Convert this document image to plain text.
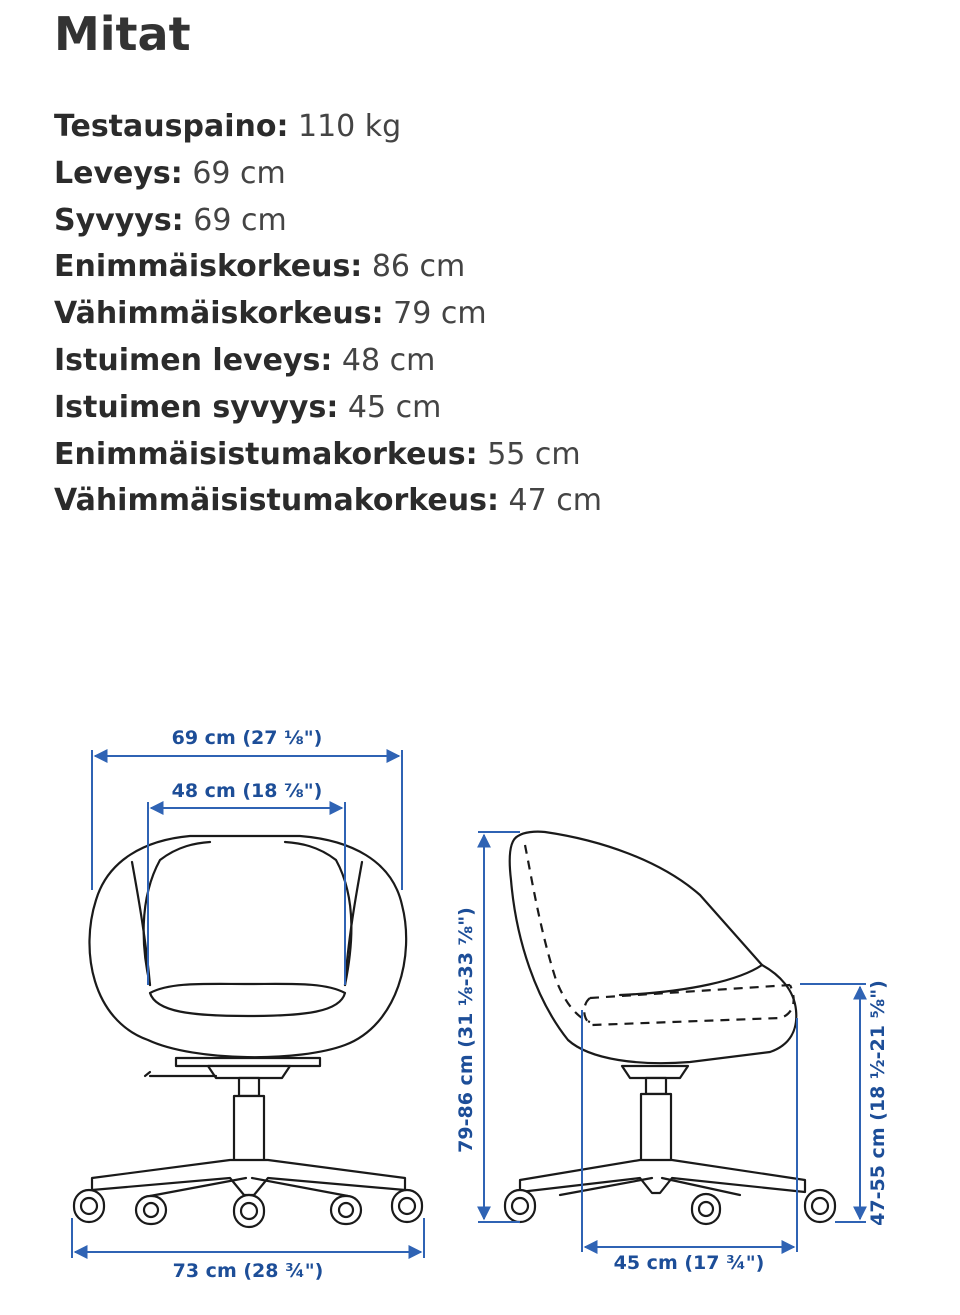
Mitat
Testauspaino: 110 kg
Leveys: 69 cm
Syvyys: 69 cm
Enimmäiskorkeus: 86 cm
Vähimmäiskorkeus: 79 cm
Istuimen leveys: 48 cm
Istuimen syvyys: 45 cm
Enimmäisistumakorkeus: 55 cm
Vähimmäisistumakorkeus: 47 cm
69 cm (27 ⅛")
48 cm (18 ⅞")
73 cm (28 ¾")
79-86 cm (31 ⅛-33 ⅞")
45 cm (17 ¾")
47-55 cm (18 ½-21 ⅝")
